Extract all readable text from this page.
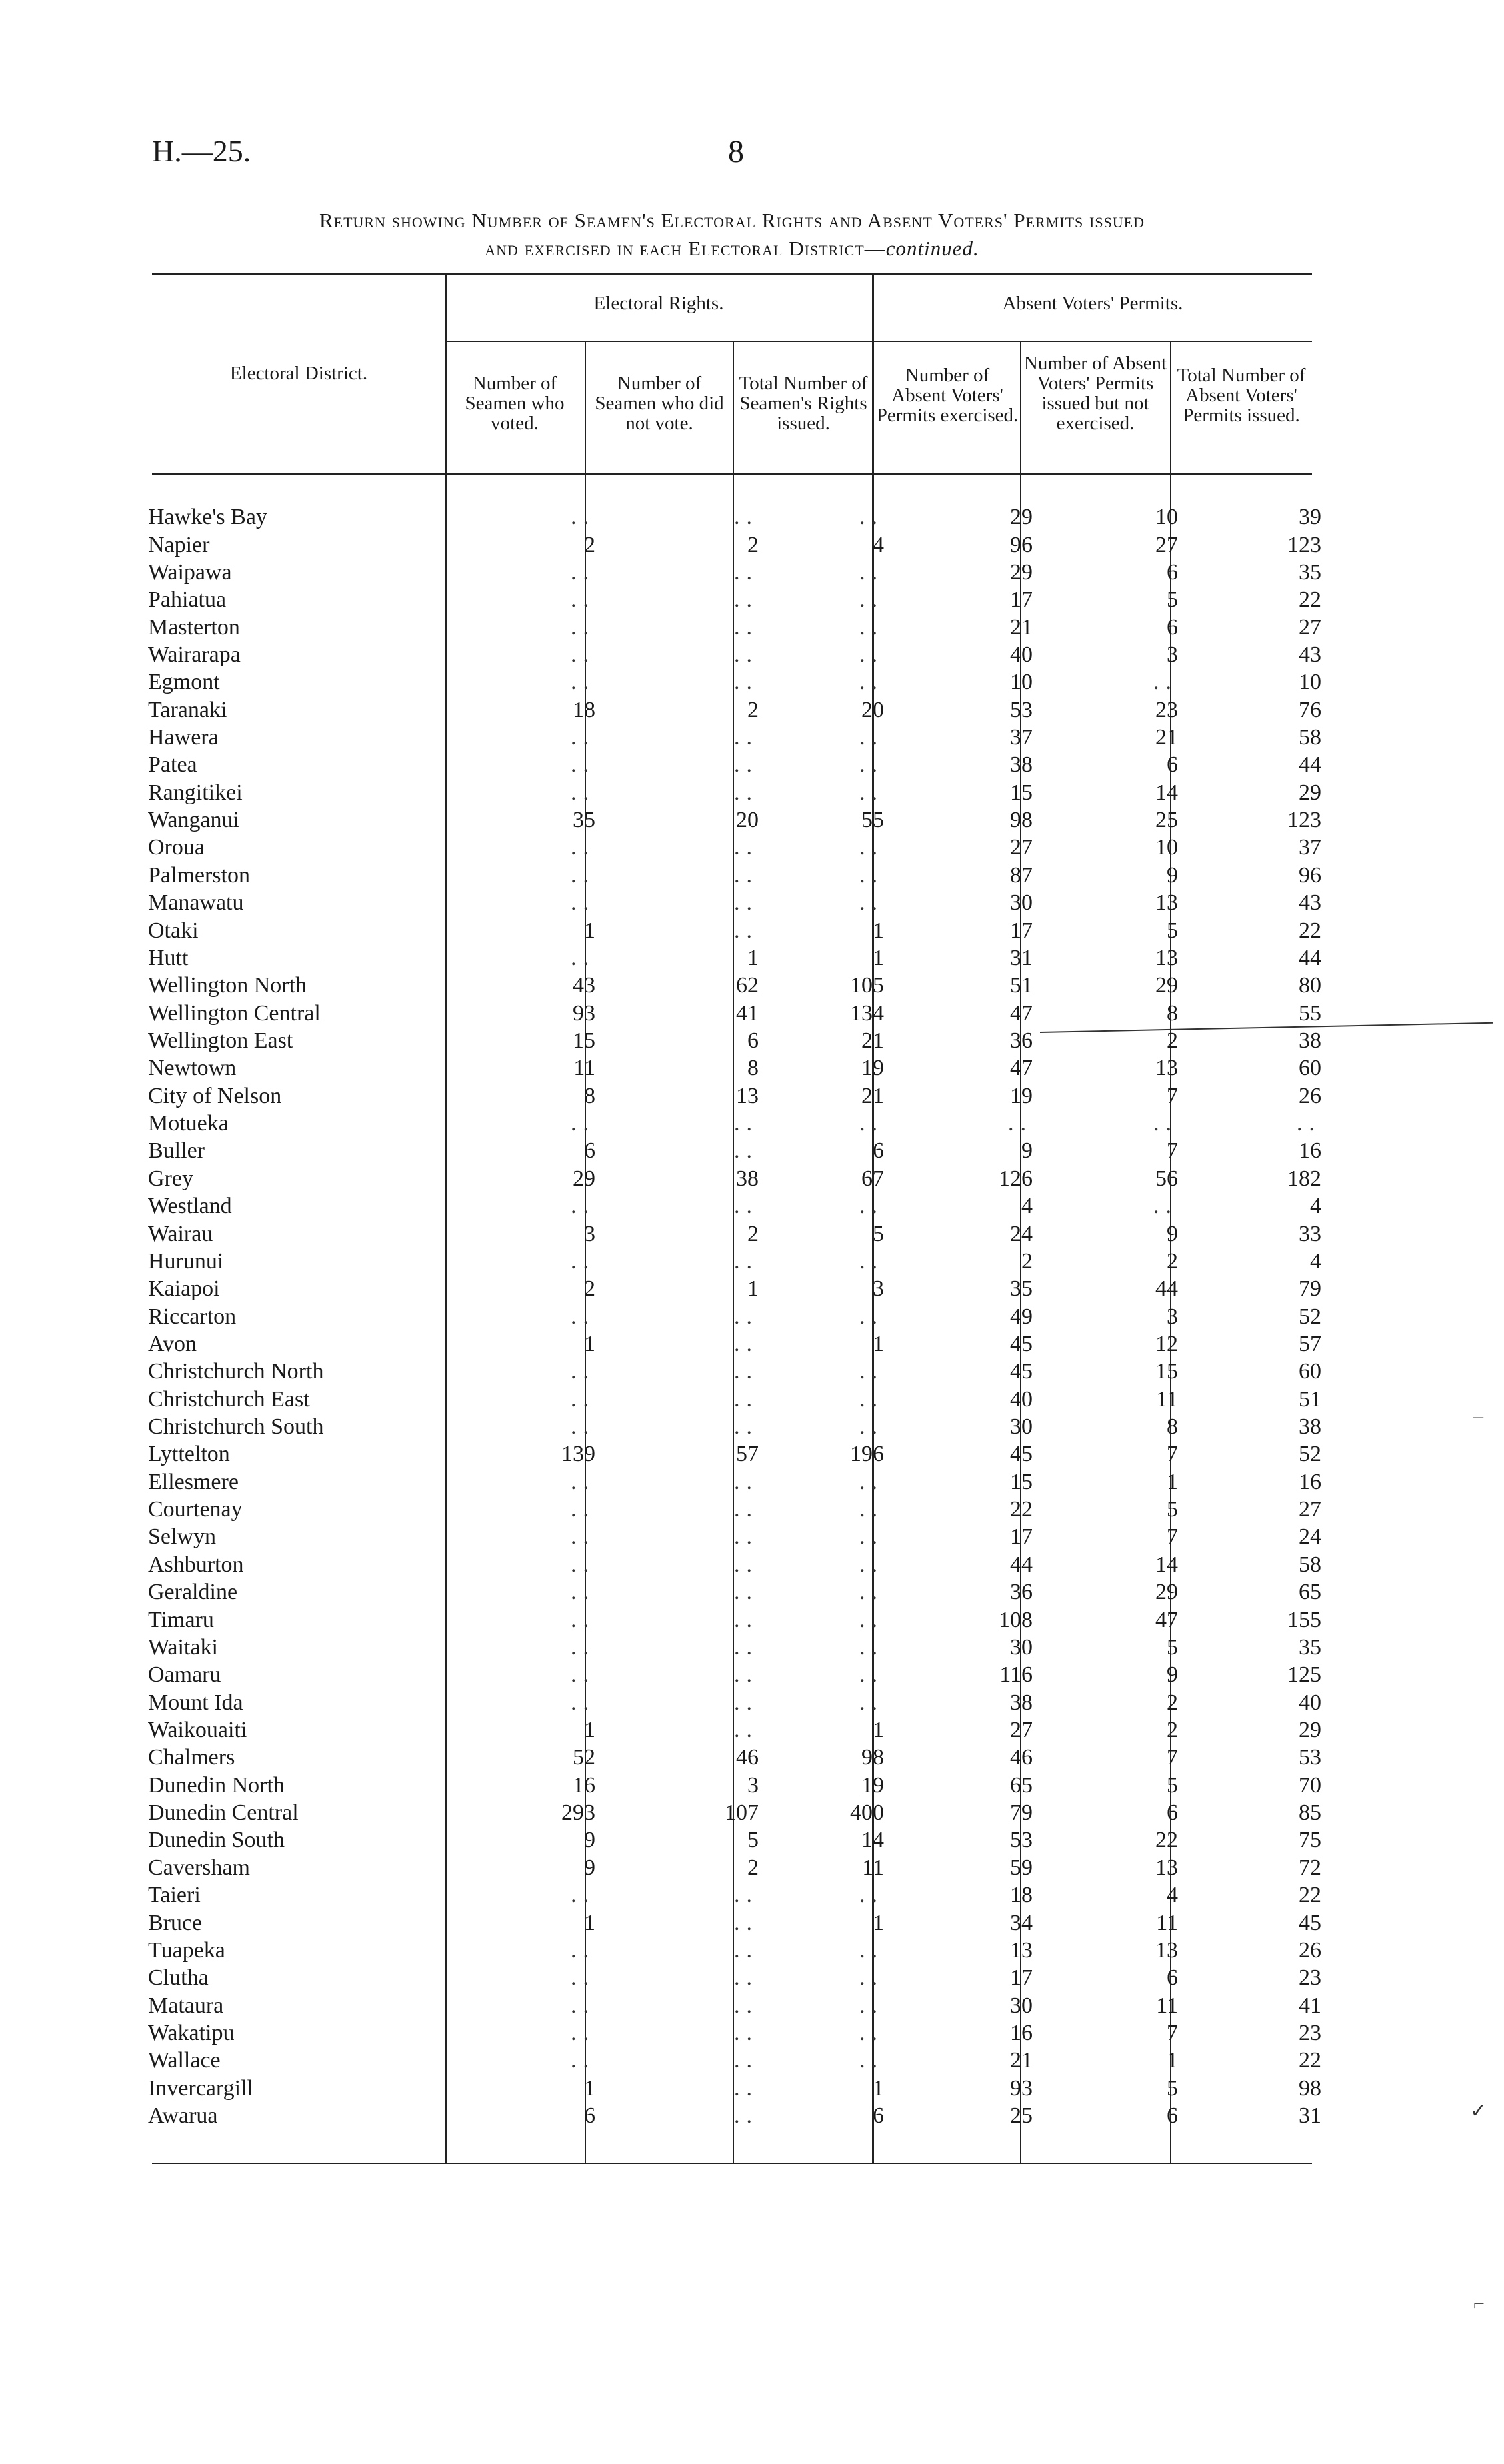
H.—25.	8
Return showing Number of Seamen's Electoral Rights and Absent Voters' Permits issued
and exercised in each Electoral District—continued.
Electoral District.
Electoral Rights.	Absent Voters' Permits.
Number of Seamen who voted.
Number of Seamen who did not vote.
Total Number of Seamen's Rights issued.
Number of Absent Voters' Permits exercised.
Number of Absent Voters' Permits issued but not exercised.
Total Number of Absent Voters' Permits issued.
Hawke's Bay	..	..	..	29	10	39
Napier	2	2	4	96	27	123
Waipawa	..	..	..	29	6	35
Pahiatua	..	..	..	17	5	22
Masterton	..	..	..	21	6	27
Wairarapa	..	..	..	40	3	43
Egmont	..	..	..	10	..	10
Taranaki	18	2	20	53	23	76
Hawera	..	..	..	37	21	58
Patea	..	..	..	38	6	44
Rangitikei	..	..	..	15	14	29
Wanganui	35	20	55	98	25	123
Oroua	..	..	..	27	10	37
Palmerston	..	..	..	87	9	96
Manawatu	..	..	..	30	13	43
Otaki	1	..	1	17	5	22
Hutt	..	1	1	31	13	44
Wellington North	43	62	105	51	29	80
Wellington Central	93	41	134	47	8	55
Wellington East	15	6	21	36	2	38
Newtown	11	8	19	47	13	60
City of Nelson	8	13	21	19	7	26
Motueka	..	..	..	..	..	..
Buller	6	..	6	9	7	16
Grey	29	38	67	126	56	182
Westland	..	..	..	4	..	4
Wairau	3	2	5	24	9	33
Hurunui	..	..	..	2	2	4
Kaiapoi	2	1	3	35	44	79
Riccarton	..	..	..	49	3	52
Avon	1	..	1	45	12	57
Christchurch North	..	..	..	45	15	60
Christchurch East	..	..	..	40	11	51
Christchurch South	..	..	..	30	8	38
Lyttelton	139	57	196	45	7	52
Ellesmere	..	..	..	15	1	16
Courtenay	..	..	..	22	5	27
Selwyn	..	..	..	17	7	24
Ashburton	..	..	..	44	14	58
Geraldine	..	..	..	36	29	65
Timaru	..	..	..	108	47	155
Waitaki	..	..	..	30	5	35
Oamaru	..	..	..	116	9	125
Mount Ida	..	..	..	38	2	40
Waikouaiti	1	..	1	27	2	29
Chalmers	52	46	98	46	7	53
Dunedin North	16	3	19	65	5	70
Dunedin Central	293	107	400	79	6	85
Dunedin South	9	5	14	53	22	75
Caversham	9	2	11	59	13	72
Taieri	..	..	..	18	4	22
Bruce	1	..	1	34	11	45
Tuapeka	..	..	..	13	13	26
Clutha	..	..	..	17	6	23
Mataura	..	..	..	30	11	41
Wakatipu	..	..	..	16	7	23
Wallace	..	..	..	21	1	22
Invercargill	1	..	1	93	5	98
Awarua	6	..	6	25	6	31
–
✓
⌐
